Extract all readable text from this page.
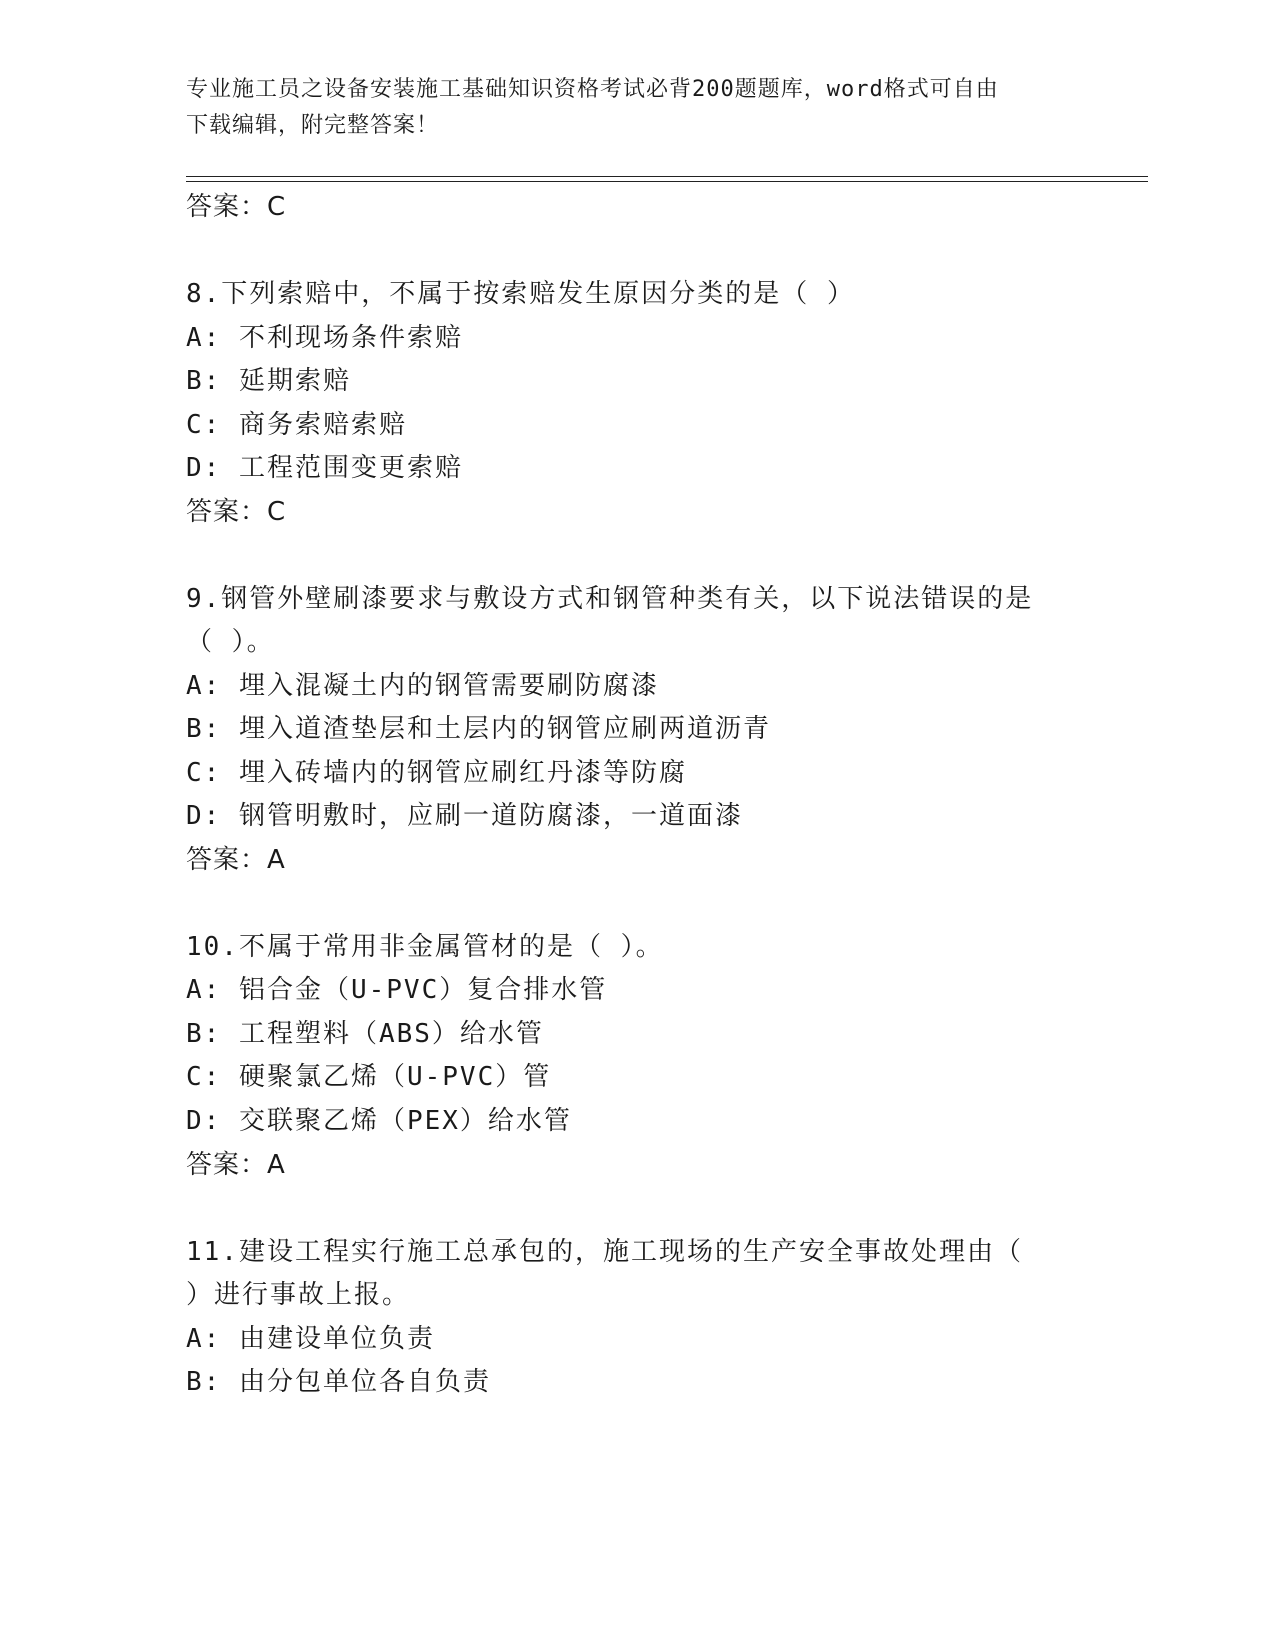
专业施工员之设备安装施工基础知识资格考试必背200题题库，word格式可自由
下载编辑，附完整答案！
答案：C
8.下列索赔中，不属于按索赔发生原因分类的是（ ）
A: 不利现场条件索赔
B: 延期索赔
C: 商务索赔索赔
D: 工程范围变更索赔
答案：C
9.钢管外壁刷漆要求与敷设方式和钢管种类有关，以下说法错误的是
（ ）。
A: 埋入混凝土内的钢管需要刷防腐漆
B: 埋入道渣垫层和土层内的钢管应刷两道沥青
C: 埋入砖墙内的钢管应刷红丹漆等防腐
D: 钢管明敷时，应刷一道防腐漆，一道面漆
答案：A
10.不属于常用非金属管材的是（ ）。
A: 铝合金（U-PVC）复合排水管
B: 工程塑料（ABS）给水管
C: 硬聚氯乙烯（U-PVC）管
D: 交联聚乙烯（PEX）给水管
答案：A
11.建设工程实行施工总承包的，施工现场的生产安全事故处理由（
）进行事故上报。
A: 由建设单位负责
B: 由分包单位各自负责
